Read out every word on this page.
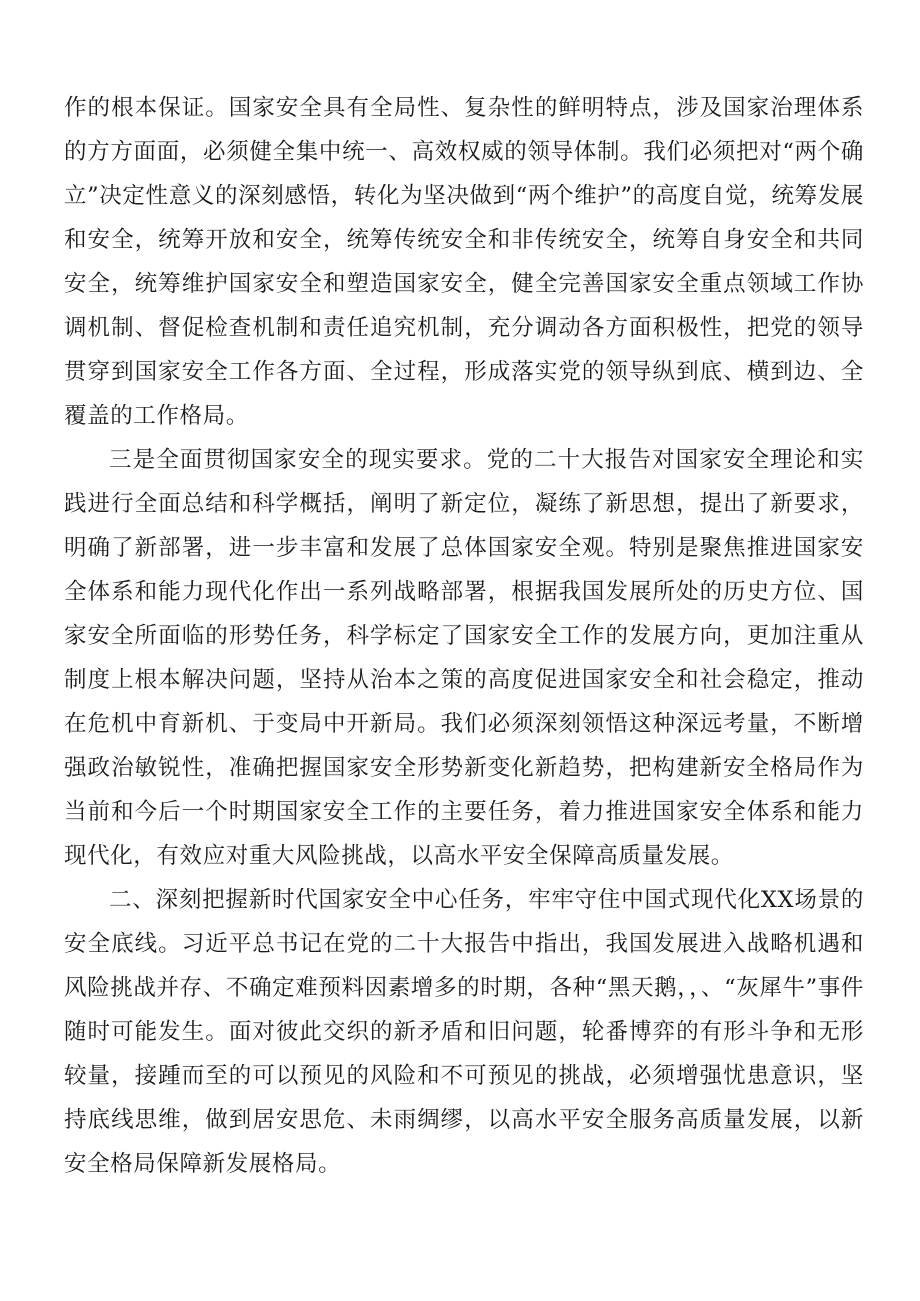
作的根本保证。国家安全具有全局性、复杂性的鲜明特点，涉及国家治理体系的方方面面，必须健全集中统一、高效权威的领导体制。我们必须把对“两个确立”决定性意义的深刻感悟，转化为坚决做到“两个维护”的高度自觉，统筹发展和安全，统筹开放和安全，统筹传统安全和非传统安全，统筹自身安全和共同安全，统筹维护国家安全和塑造国家安全，健全完善国家安全重点领域工作协调机制、督促检查机制和责任追究机制，充分调动各方面积极性，把党的领导贯穿到国家安全工作各方面、全过程，形成落实党的领导纵到底、横到边、全覆盖的工作格局。

三是全面贯彻国家安全的现实要求。党的二十大报告对国家安全理论和实践进行全面总结和科学概括，阐明了新定位，凝练了新思想，提出了新要求，明确了新部署，进一步丰富和发展了总体国家安全观。特别是聚焦推进国家安全体系和能力现代化作出一系列战略部署，根据我国发展所处的历史方位、国家安全所面临的形势任务，科学标定了国家安全工作的发展方向，更加注重从制度上根本解决问题，坚持从治本之策的高度促进国家安全和社会稳定，推动在危机中育新机、于变局中开新局。我们必须深刻领悟这种深远考量，不断增强政治敏锐性，准确把握国家安全形势新变化新趋势，把构建新安全格局作为当前和今后一个时期国家安全工作的主要任务，着力推进国家安全体系和能力现代化，有效应对重大风险挑战，以高水平安全保障高质量发展。

二、深刻把握新时代国家安全中心任务，牢牢守住中国式现代化XX场景的安全底线。习近平总书记在党的二十大报告中指出，我国发展进入战略机遇和风险挑战并存、不确定难预料因素增多的时期，各种“黑天鹅，，、“灰犀牛”事件随时可能发生。面对彼此交织的新矛盾和旧问题，轮番博弈的有形斗争和无形较量，接踵而至的可以预见的风险和不可预见的挑战，必须增强忧患意识，坚持底线思维，做到居安思危、未雨绸缪，以高水平安全服务高质量发展，以新安全格局保障新发展格局。
